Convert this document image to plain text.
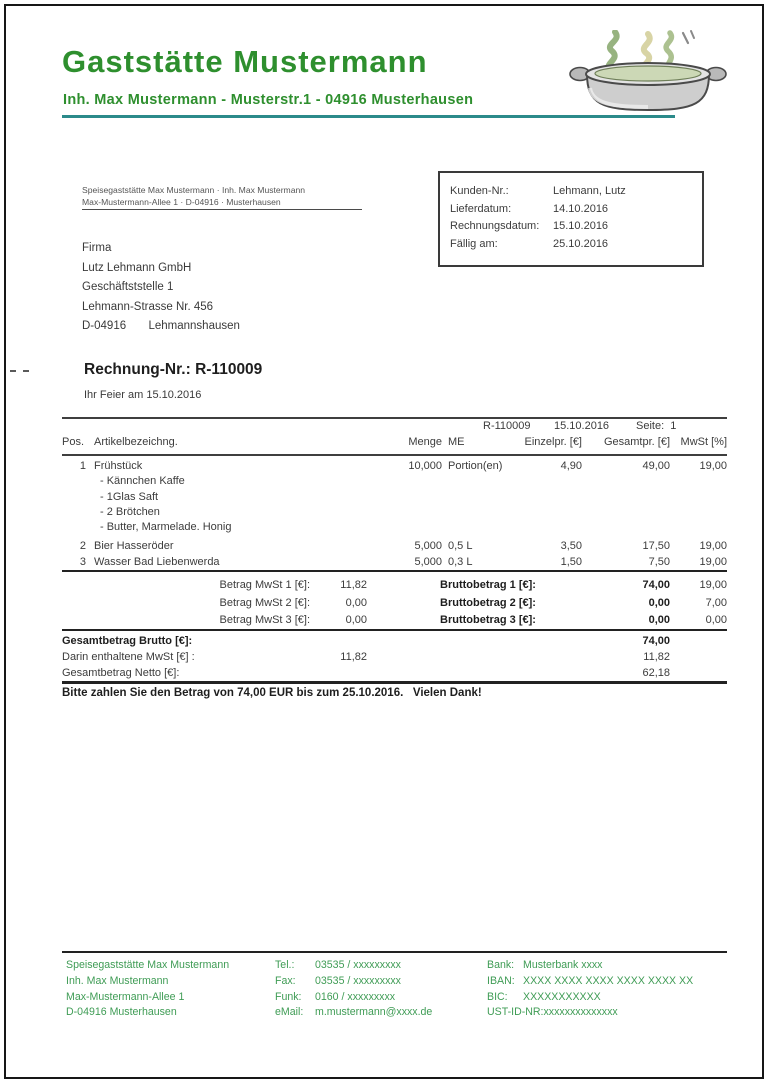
Gaststätte Mustermann
Inh. Max Mustermann - Musterstr.1 - 04916 Musterhausen
Speisegaststätte Max Mustermann · Inh. Max Mustermann
Max-Mustermann-Allee 1 · D-04916 · Musterhausen
Firma
Lutz Lehmann GmbH
Geschäftststelle 1
Lehmann-Strasse Nr. 456
D-04916       Lehmannshausen
Kunden-Nr.:	Lehmann, Lutz
Lieferdatum:	14.10.2016
Rechnungsdatum:	15.10.2016
Fällig am:	25.10.2016
Rechnung-Nr.: R-110009
Ihr Feier am 15.10.2016
R-110009 15.10.2016 Seite:  1
Pos. Artikelbezeichng.	Menge ME	Einzelpr. [€]	Gesamtpr. [€] MwSt [%]
1 Frühstück	10,000 Portion(en)	4,90	49,00	19,00
- Kännchen Kaffe
- 1Glas Saft
- 2 Brötchen
- Butter, Marmelade. Honig
2 Bier Hasseröder	5,000 0,5 L	3,50	17,50	19,00
3 Wasser Bad Liebenwerda	5,000 0,3 L	1,50	7,50	19,00
Betrag MwSt 1 [€]:	11,82	Bruttobetrag 1 [€]:	74,00	19,00
Betrag MwSt 2 [€]:	0,00	Bruttobetrag 2 [€]:	0,00	7,00
Betrag MwSt 3 [€]:	0,00	Bruttobetrag 3 [€]:	0,00	0,00
Gesamtbetrag Brutto [€]:	74,00
Darin enthaltene MwSt [€] :	11,82	11,82
Gesamtbetrag Netto [€]:	62,18
Bitte zahlen Sie den Betrag von 74,00 EUR bis zum 25.10.2016.   Vielen Dank!
Speisegaststätte Max Mustermann
Inh. Max Mustermann
Max-Mustermann-Allee 1
D-04916 Musterhausen
Tel.: 03535 / xxxxxxxxx
Fax: 03535 / xxxxxxxxx
Funk: 0160 / xxxxxxxxx
eMail: m.mustermann@xxxx.de
Bank: Musterbank xxxx
IBAN: XXXX XXXX XXXX XXXX XXXX XX
BIC: XXXXXXXXXXX
UST-ID-NR:xxxxxxxxxxxxxx
